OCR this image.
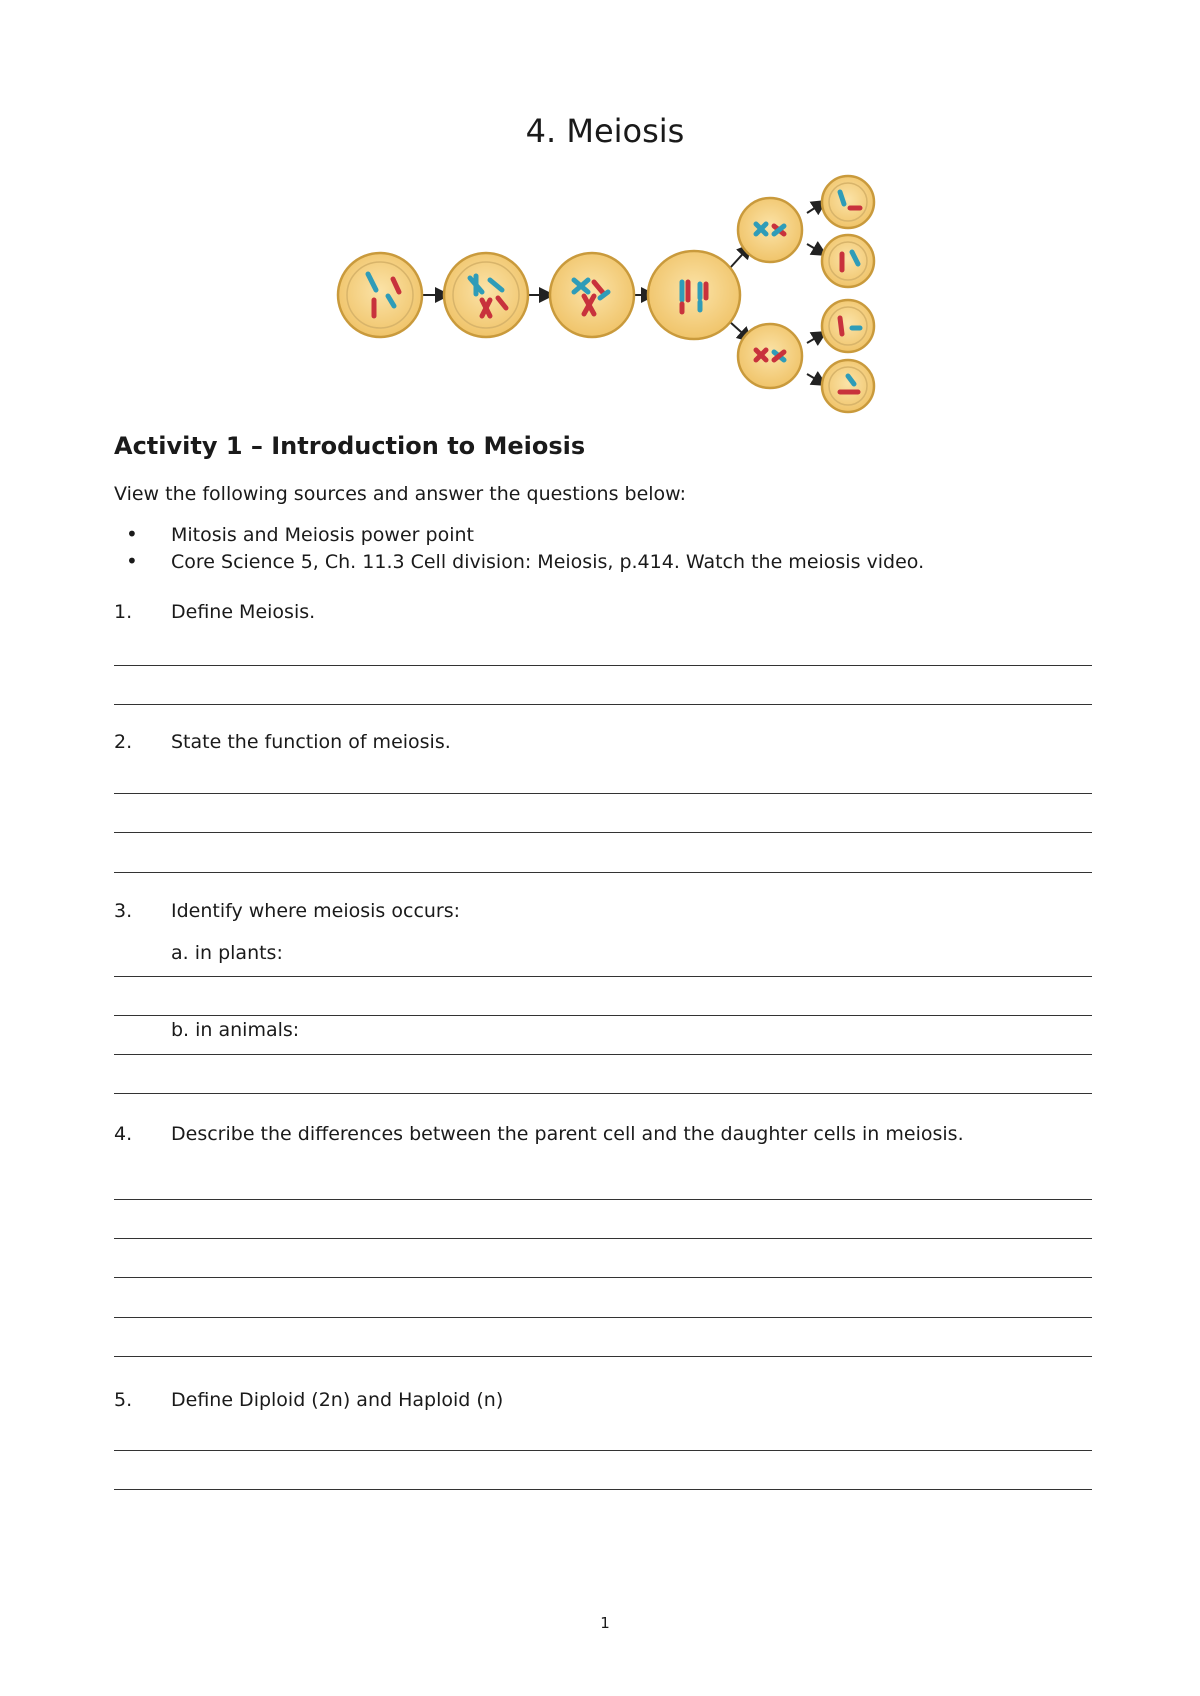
4. Meiosis
Activity 1 – Introduction to Meiosis
View the following sources and answer the questions below:
• Mitosis and Meiosis power point
• Core Science 5, Ch. 11.3 Cell division: Meiosis, p.414. Watch the meiosis video.
1. Define Meiosis.
2. State the function of meiosis.
3. Identify where meiosis occurs:
a. in plants:
b. in animals:
4. Describe the differences between the parent cell and the daughter cells in meiosis.
5. Define Diploid (2n) and Haploid (n)
1
